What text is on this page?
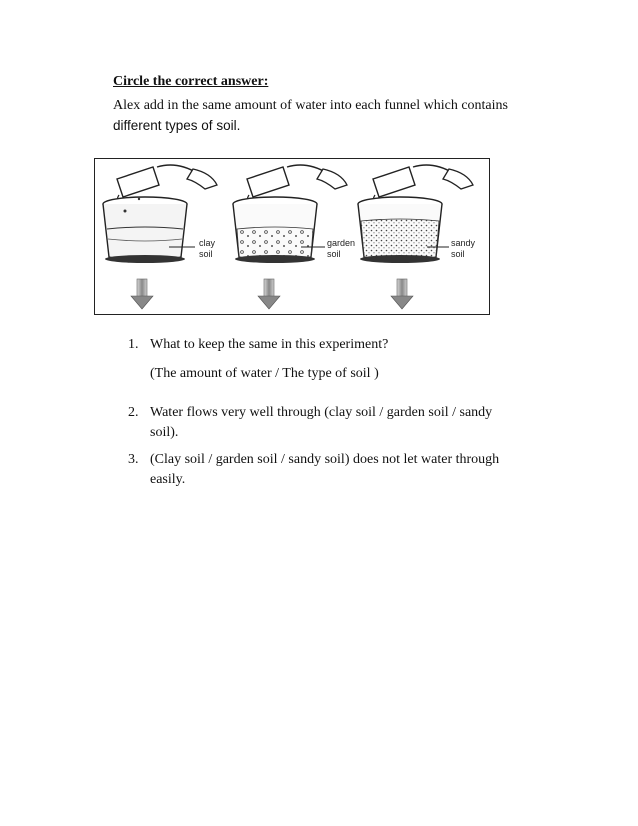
Circle the correct answer:
Alex add in the same amount of water into each funnel which contains
different types of soil.
clay
soil
garden
soil
sandy
soil
1. What to keep the same in this experiment?
(The amount of water / The type of soil )
2. Water flows very well through (clay soil / garden soil / sandy soil).
3. (Clay soil / garden soil / sandy soil) does not let water through easily.
